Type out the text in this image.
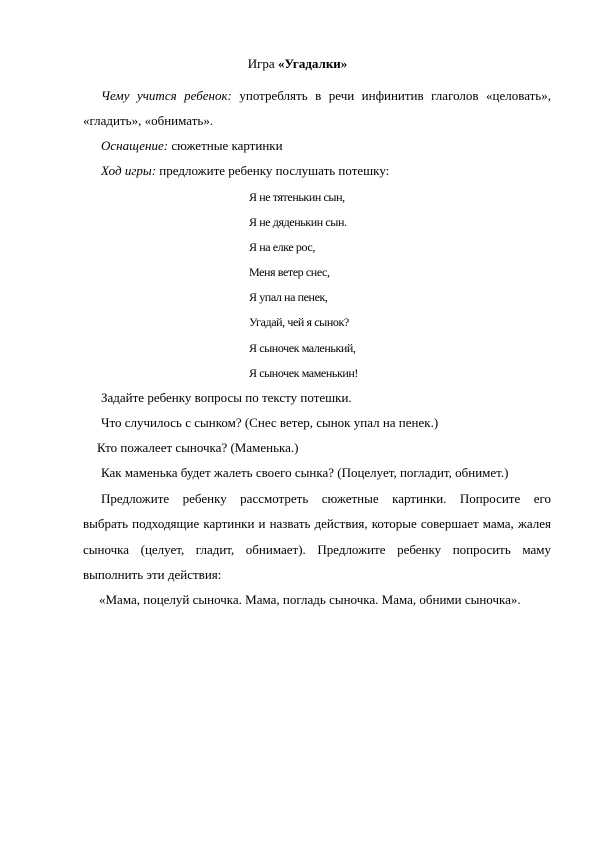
Игра «Угадалки»
Чему учится ребенок: употреблять в речи инфинитив глаголов «целовать»,
«гладить», «обнимать».
Оснащение: сюжетные картинки
Ход игры: предложите ребенку послушать потешку:
Я не тятенькин сын,
Я не дяденькин сын.
Я на елке рос,
Меня ветер снес,
Я упал на пенек,
Угадай, чей я сынок?
Я сыночек маленький,
Я сыночек маменькин!
Задайте ребенку вопросы по тексту потешки.
Что случилось с сынком? (Снес ветер, сынок упал на пенек.)
Кто пожалеет сыночка? (Маменька.)
Как маменька будет жалеть своего сынка? (Поцелует, погладит, обнимет.)
Предложите ребенку рассмотреть сюжетные картинки. Попросите его
выбрать подходящие картинки и назвать действия, которые совершает мама, жалея
сыночка (целует, гладит, обнимает). Предложите ребенку попросить маму
выполнить эти действия:
«Мама, поцелуй сыночка. Мама, погладь сыночка. Мама, обними сыночка».
